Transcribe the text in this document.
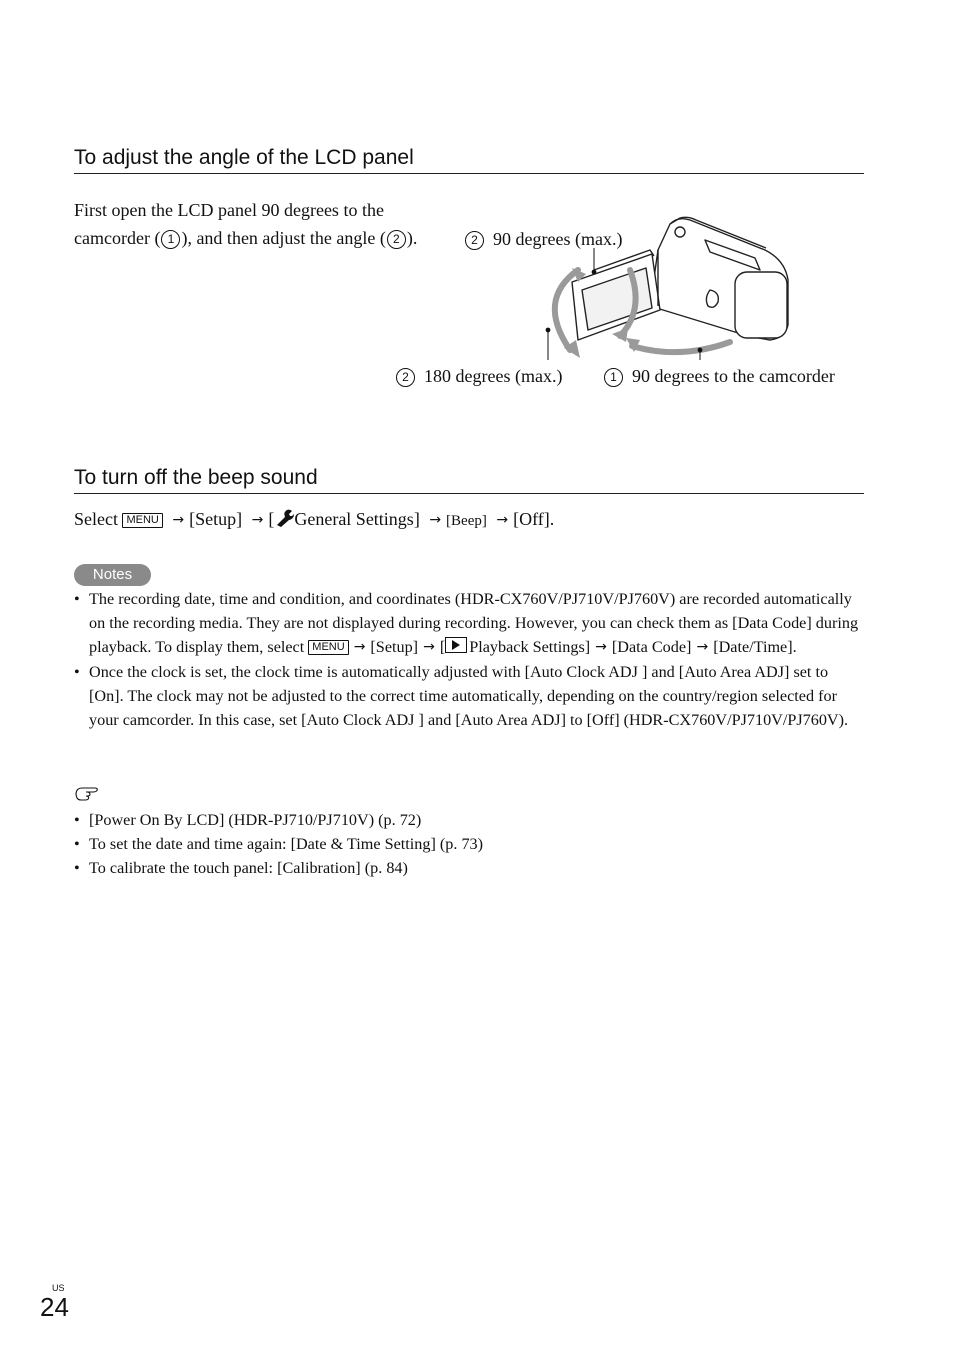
To adjust the angle of the LCD panel
First open the LCD panel 90 degrees to the camcorder ( 1 ), and then adjust the angle ( 2 ).	2 90 degrees (max.)
2 180 degrees (max.)	1 90 degrees to the camcorder
To turn off the beep sound
Select MENU → [Setup] → [ General Settings] → [Beep] → [Off].
Notes
• The recording date, time and condition, and coordinates (HDR-CX760V/PJ710V/PJ760V) are recorded automatically on the recording media. They are not displayed during recording. However, you can check them as [Data Code] during playback. To display them, select MENU → [Setup] → [ Playback Settings] → [Data Code] → [Date/Time].
• Once the clock is set, the clock time is automatically adjusted with [Auto Clock ADJ ] and [Auto Area ADJ] set to [On]. The clock may not be adjusted to the correct time automatically, depending on the country/region selected for your camcorder. In this case, set [Auto Clock ADJ ] and [Auto Area ADJ] to [Off] (HDR-CX760V/PJ710V/PJ760V).
• [Power On By LCD] (HDR-PJ710/PJ710V) (p. 72)
• To set the date and time again: [Date & Time Setting] (p. 73)
• To calibrate the touch panel: [Calibration] (p. 84)
US
24
